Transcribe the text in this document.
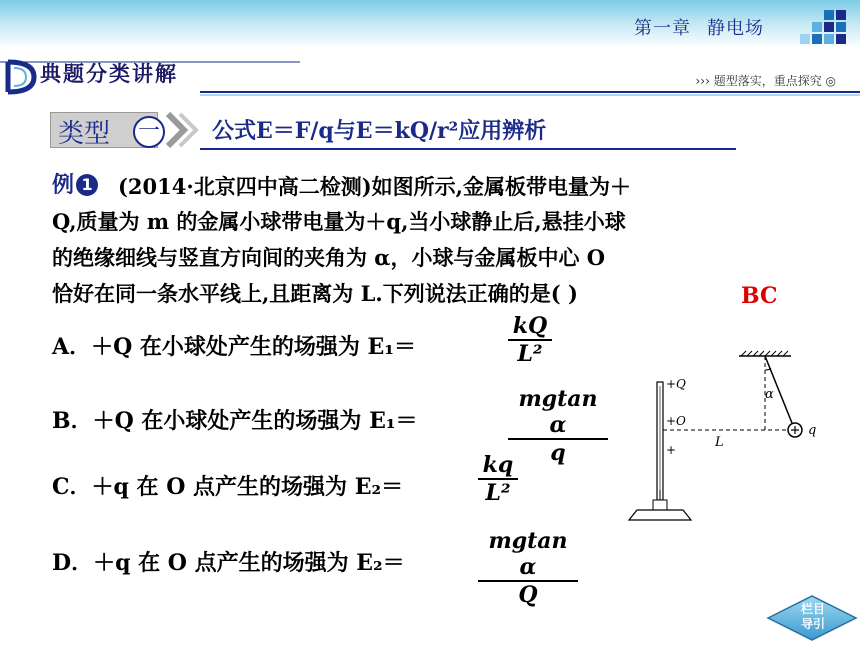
第一章 静电场
典题分类讲解	››› 题型落实，重点探究 ◎
类型 一 公式E＝F/q与E＝kQ/r²应用辨析
例 1 (2014·北京四中高二检测)如图所示,金属板带电量为＋
Q,质量为 m 的金属小球带电量为＋q,当小球静止后,悬挂小球
的绝缘细线与竖直方向间的夹角为 α，小球与金属板中心 O
恰好在同一条水平线上,且距离为 L.下列说法正确的是( )	BC
A．＋Q 在小球处产生的场强为 E₁＝
kQ
L²
B．＋Q 在小球处产生的场强为 E₁＝
mgtan α
q
C．＋q 在 O 点产生的场强为 E₂＝
kq
L²
D．＋q 在 O 点产生的场强为 E₂＝
mgtan α
Q
+Q
+O
+
α
L
q
栏目
导引
